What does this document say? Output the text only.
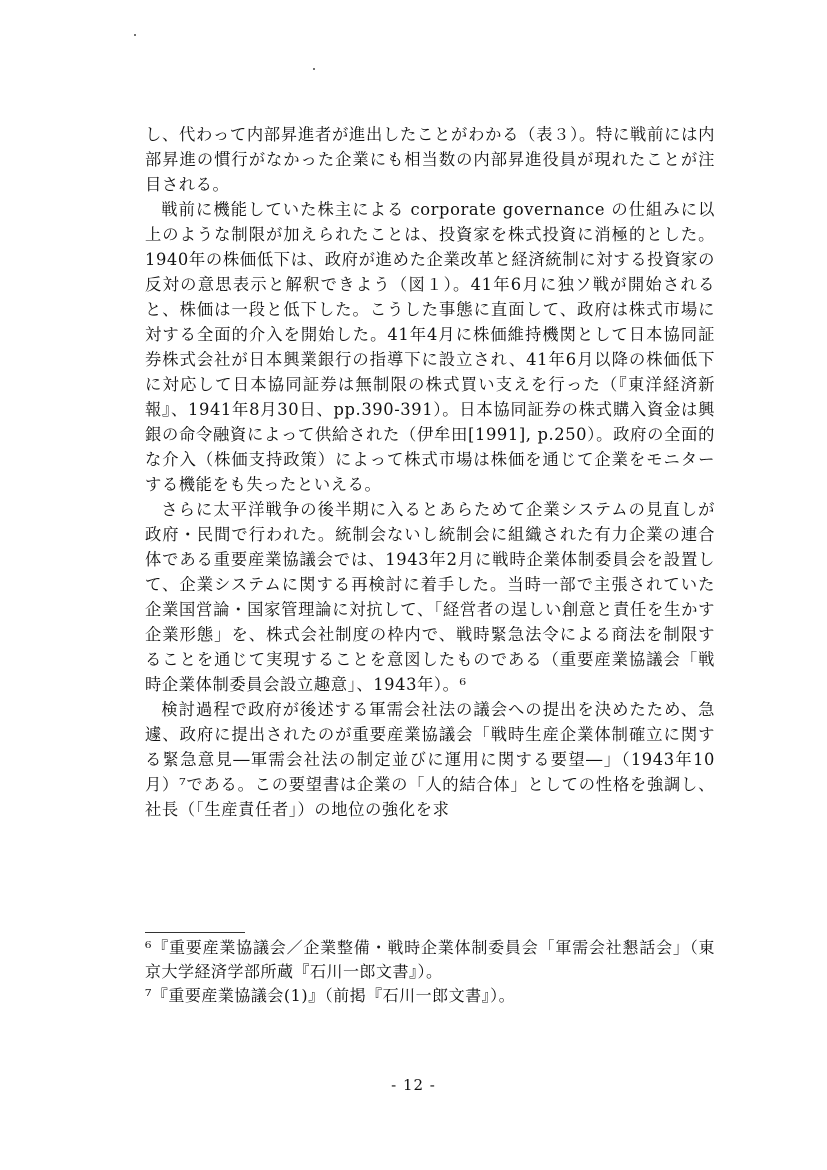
し、代わって内部昇進者が進出したことがわかる（表３）。特に戦前には内部昇進の慣行がなかった企業にも相当数の内部昇進役員が現れたことが注目される。

戦前に機能していた株主による corporate governance の仕組みに以上のような制限が加えられたことは、投資家を株式投資に消極的とした。1940年の株価低下は、政府が進めた企業改革と経済統制に対する投資家の反対の意思表示と解釈できよう（図１）。41年6月に独ソ戦が開始されると、株価は一段と低下した。こうした事態に直面して、政府は株式市場に対する全面的介入を開始した。41年4月に株価維持機関として日本協同証券株式会社が日本興業銀行の指導下に設立され、41年6月以降の株価低下に対応して日本協同証券は無制限の株式買い支えを行った（『東洋経済新報』、1941年8月30日、pp.390-391）。日本協同証券の株式購入資金は興銀の命令融資によって供給された（伊牟田[1991], p.250）。政府の全面的な介入（株価支持政策）によって株式市場は株価を通じて企業をモニターする機能をも失ったといえる。

さらに太平洋戦争の後半期に入るとあらためて企業システムの見直しが政府・民間で行われた。統制会ないし統制会に組織された有力企業の連合体である重要産業協議会では、1943年2月に戦時企業体制委員会を設置して、企業システムに関する再検討に着手した。当時一部で主張されていた企業国営論・国家管理論に対抗して、「経営者の逞しい創意と責任を生かす企業形態」を、株式会社制度の枠内で、戦時緊急法令による商法を制限することを通じて実現することを意図したものである（重要産業協議会「戦時企業体制委員会設立趣意」、1943年）。⁶

検討過程で政府が後述する軍需会社法の議会への提出を決めたため、急遽、政府に提出されたのが重要産業協議会「戦時生産企業体制確立に関する緊急意見―軍需会社法の制定並びに運用に関する要望―」（1943年10月）⁷である。この要望書は企業の「人的結合体」としての性格を強調し、社長（「生産責任者」）の地位の強化を求

⁶『重要産業協議会／企業整備・戦時企業体制委員会「軍需会社懇話会」（東京大学経済学部所蔵『石川一郎文書』）。

⁷『重要産業協議会(1)』（前掲『石川一郎文書』）。

- 12 -
